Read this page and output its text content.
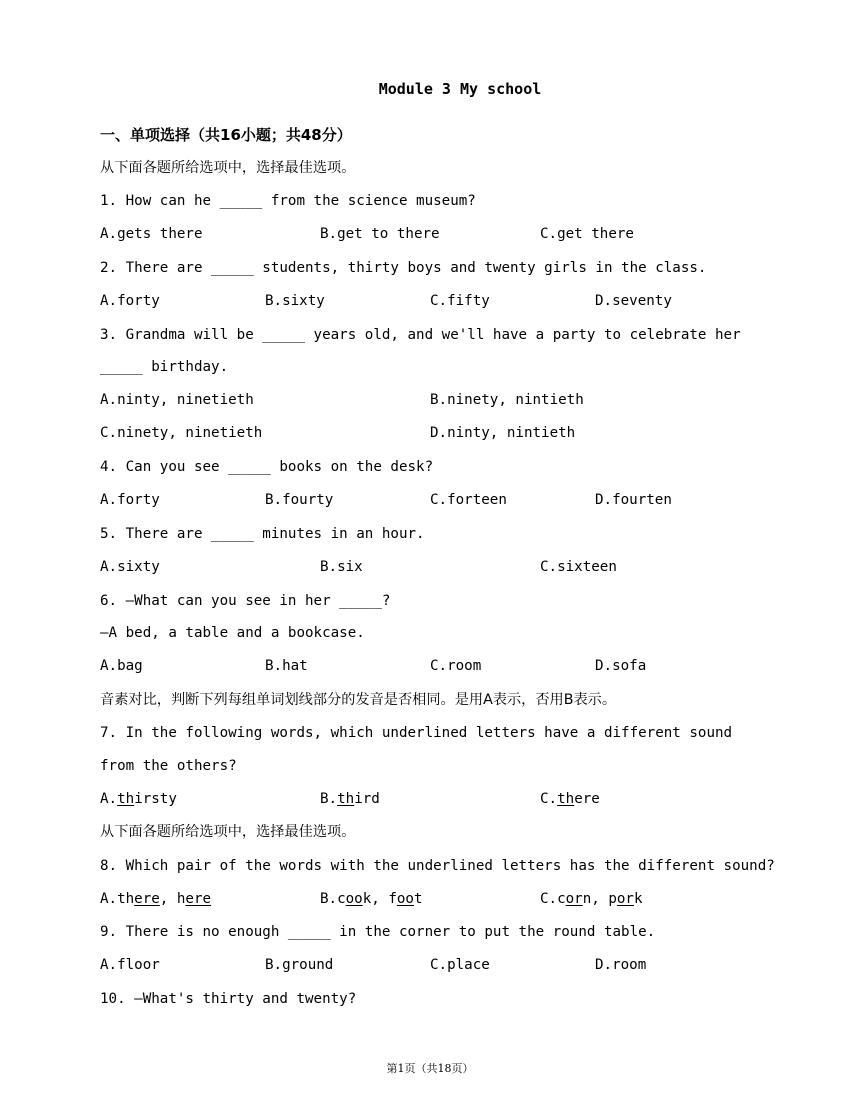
Module 3 My school
一、单项选择（共16小题；共48分）
从下面各题所给选项中，选择最佳选项。
1. How can he _____ from the science museum?
A.gets there	B.get to there	C.get there
2. There are _____ students, thirty boys and twenty girls in the class.
A.forty	B.sixty	C.fifty	D.seventy
3. Grandma will be _____ years old, and we'll have a party to celebrate her
_____ birthday.
A.ninty, ninetieth	B.ninety, nintieth
C.ninety, ninetieth	D.ninty, nintieth
4. Can you see _____ books on the desk?
A.forty	B.fourty	C.forteen	D.fourten
5. There are _____ minutes in an hour.
A.sixty	B.six	C.sixteen
6. —What can you see in her _____?
—A bed, a table and a bookcase.
A.bag	B.hat	C.room	D.sofa
音素对比，判断下列每组单词划线部分的发音是否相同。是用A表示，否用B表示。
7. In the following words, which underlined letters have a different sound
from the others?
A.thirsty	B.third	C.there
从下面各题所给选项中，选择最佳选项。
8. Which pair of the words with the underlined letters has the different sound?
A.there, here	B.cook, foot	C.corn, pork
9. There is no enough _____ in the corner to put the round table.
A.floor	B.ground	C.place	D.room
10. —What's thirty and twenty?
第1页（共18页）
